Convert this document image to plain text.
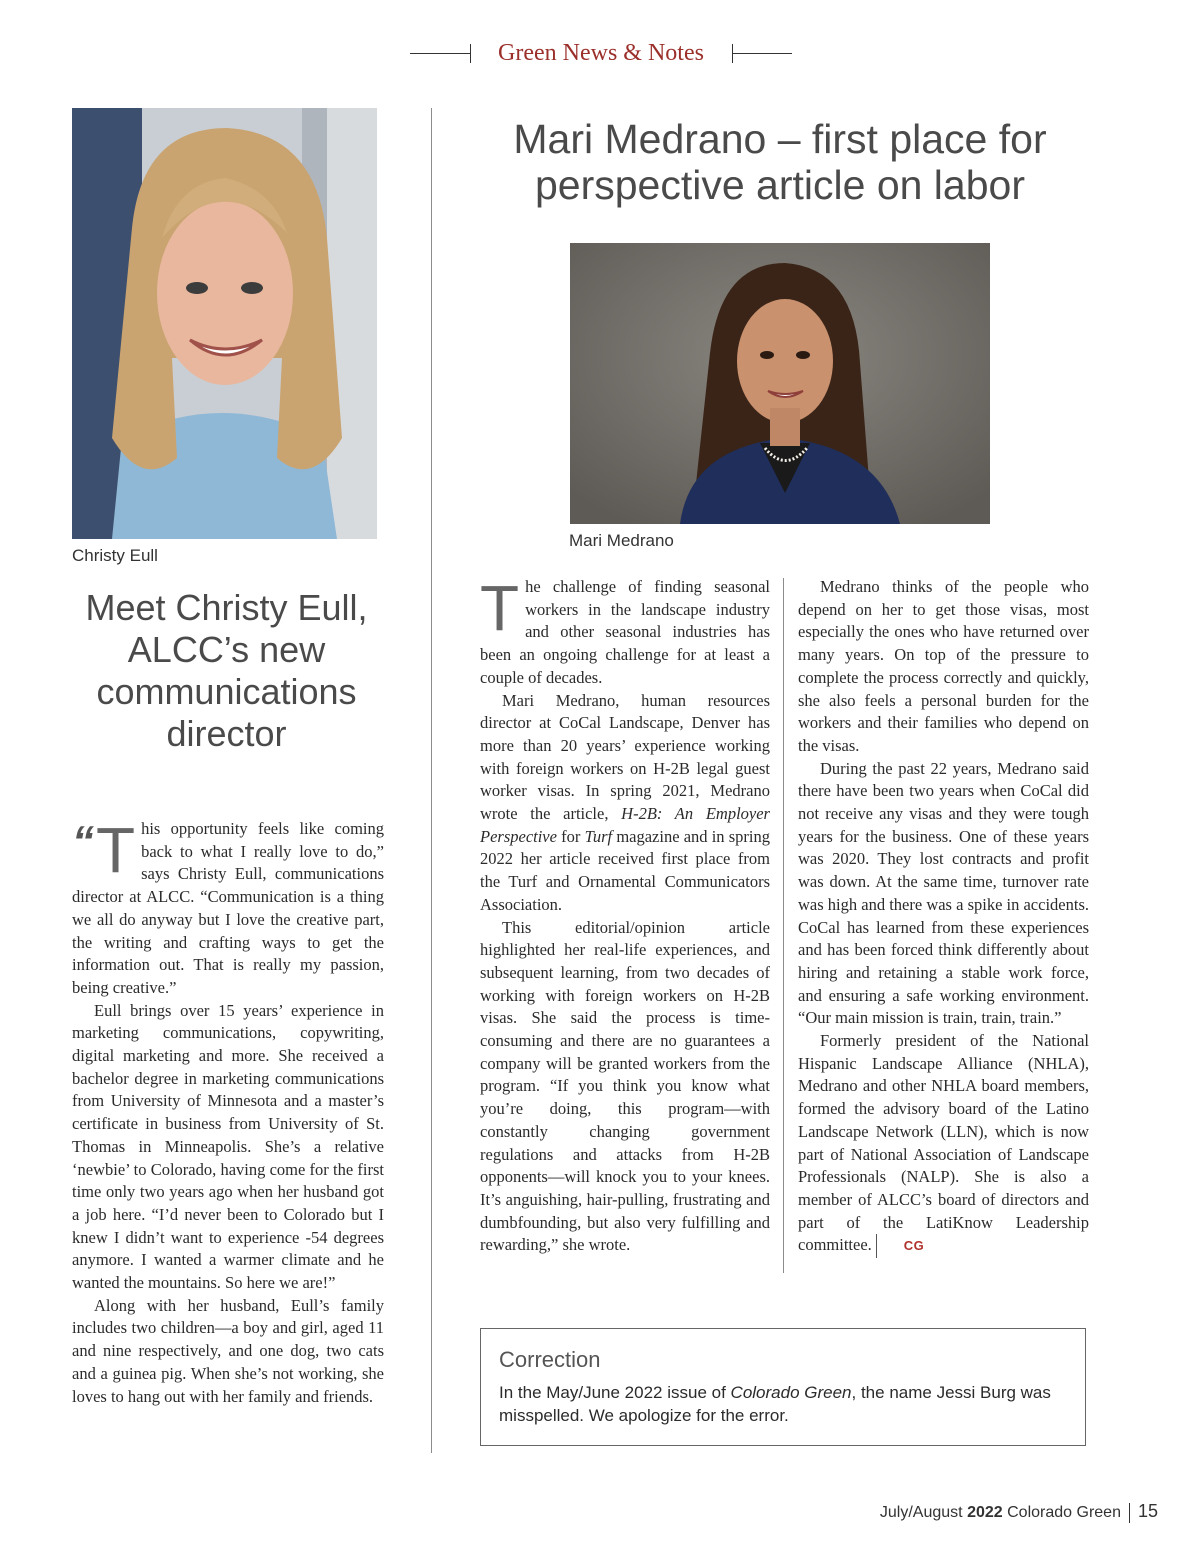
Green News & Notes
Christy Eull
Meet Christy Eull, ALCC’s new communications director

“ T his opportunity feels like coming back to what I really love to do,” says Christy Eull, communications director at ALCC. “Communication is a thing we all do anyway but I love the creative part, the writing and crafting ways to get the information out. That is really my passion, being creative.”

Eull brings over 15 years’ experience in marketing communications, copywriting, digital marketing and more. She received a bachelor degree in marketing communications from University of Minnesota and a master’s certificate in business from University of St. Thomas in Minneapolis. She’s a relative ‘newbie’ to Colorado, having come for the first time only two years ago when her husband got a job here. “I’d never been to Colorado but I knew I didn’t want to experience -54 degrees anymore. I wanted a warmer climate and he wanted the mountains. So here we are!”

Along with her husband, Eull’s family includes two children—a boy and girl, aged 11 and nine respectively, and one dog, two cats and a guinea pig. When she’s not working, she loves to hang out with her family and friends.

Mari Medrano – first place for perspective article on labor
Mari Medrano

The challenge of finding seasonal workers in the landscape industry and other seasonal industries has been an ongoing challenge for at least a couple of decades.

Mari Medrano, human resources director at CoCal Landscape, Denver has more than 20 years’ experience working with foreign workers on H-2B legal guest worker visas. In spring 2021, Medrano wrote the article, H-2B: An Employer Perspective for Turf magazine and in spring 2022 her article received first place from the Turf and Ornamental Communicators Association.

This editorial/opinion article highlighted her real-life experiences, and subsequent learning, from two decades of working with foreign workers on H-2B visas. She said the process is time-consuming and there are no guarantees a company will be granted workers from the program. “If you think you know what you’re doing, this program—with constantly changing government regulations and attacks from H-2B opponents—will knock you to your knees. It’s anguishing, hair-pulling, frustrating and dumbfounding, but also very fulfilling and rewarding,” she wrote.

Medrano thinks of the people who depend on her to get those visas, most especially the ones who have returned over many years. On top of the pressure to complete the process correctly and quickly, she also feels a personal burden for the workers and their families who depend on the visas.

During the past 22 years, Medrano said there have been two years when CoCal did not receive any visas and they were tough years for the business. One of these years was 2020. They lost contracts and profit was down. At the same time, turnover rate was high and there was a spike in accidents. CoCal has learned from these experiences and has been forced think differently about hiring and retaining a stable work force, and ensuring a safe working environment. “Our main mission is train, train, train.”

Formerly president of the National Hispanic Landscape Alliance (NHLA), Medrano and other NHLA board members, formed the advisory board of the Latino Landscape Network (LLN), which is now part of National Association of Landscape Professionals (NALP). She is also a member of ALCC’s board of directors and part of the LatiKnow Leadership committee. CG

Correction

In the May/June 2022 issue of Colorado Green, the name Jessi Burg was misspelled. We apologize for the error.

July/August 2022 Colorado Green 15
